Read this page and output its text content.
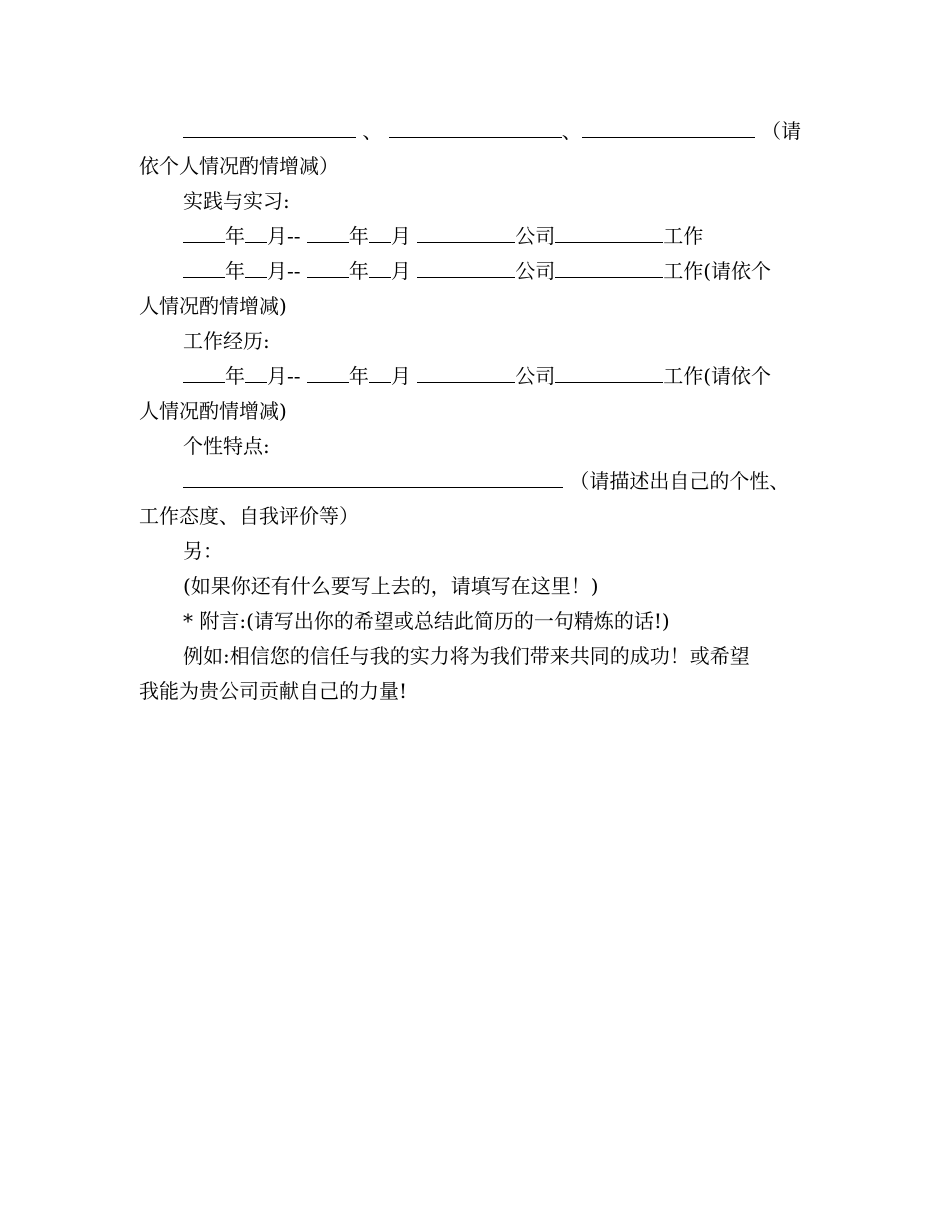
、	、	（请
依个人情况酌情增减）
实践与实习:
年 月-- 年 月	公司	工作
年 月-- 年 月	公司	工作(请依个
人情况酌情增减)
工作经历:
年 月-- 年 月	公司	工作(请依个
人情况酌情增减)
个性特点:
（请描述出自己的个性、
工作态度、自我评价等）
另：
(如果你还有什么要写上去的，请填写在这里！)
* 附言:(请写出你的希望或总结此简历的一句精炼的话!)
例如:相信您的信任与我的实力将为我们带来共同的成功！或希望
我能为贵公司贡献自己的力量!
